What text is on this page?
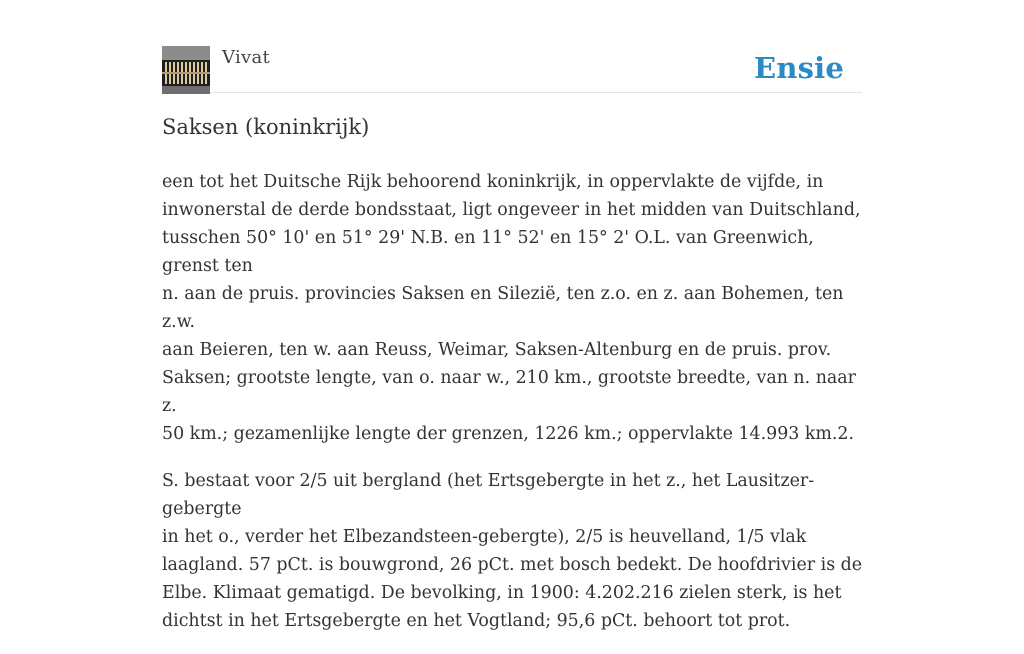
Vivat	Ensie
Saksen (koninkrijk)

een tot het Duitsche Rijk behoorend koninkrijk, in oppervlakte de vijfde, in
inwonerstal de derde bondsstaat, ligt ongeveer in het midden van Duitschland,
tusschen 50° 10' en 51° 29' N.B. en 11° 52' en 15° 2' O.L. van Greenwich, grenst ten
n. aan de pruis. provincies Saksen en Silezië, ten z.o. en z. aan Bohemen, ten z.w.
aan Beieren, ten w. aan Reuss, Weimar, Saksen-Altenburg en de pruis. prov.
Saksen; grootste lengte, van o. naar w., 210 km., grootste breedte, van n. naar z.
50 km.; gezamenlijke lengte der grenzen, 1226 km.; oppervlakte 14.993 km.2.

S. bestaat voor 2/5 uit bergland (het Ertsgebergte in het z., het Lausitzer-gebergte
in het o., verder het Elbezandsteen-gebergte), 2/5 is heuvelland, 1/5 vlak
laagland. 57 pCt. is bouwgrond, 26 pCt. met bosch bedekt. De hoofdrivier is de
Elbe. Klimaat gematigd. De bevolking, in 1900: 4.202.216 zielen sterk, is het
dichtst in het Ertsgebergte en het Vogtland; 95,6 pCt. behoort tot prot.
